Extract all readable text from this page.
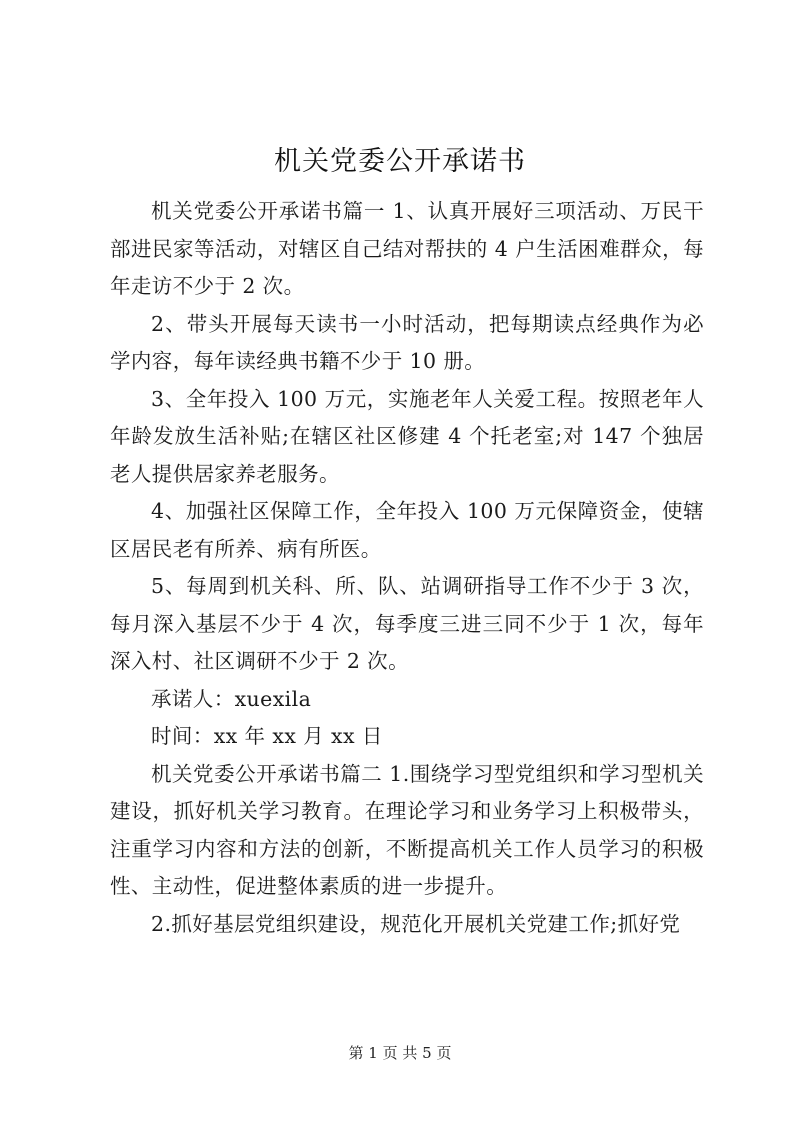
机关党委公开承诺书

机关党委公开承诺书篇一 1、认真开展好三项活动、万民干部进民家等活动，对辖区自己结对帮扶的 4 户生活困难群众，每年走访不少于 2 次。

2、带头开展每天读书一小时活动，把每期读点经典作为必学内容，每年读经典书籍不少于 10 册。

3、全年投入 100 万元，实施老年人关爱工程。按照老年人年龄发放生活补贴;在辖区社区修建 4 个托老室;对 147 个独居老人提供居家养老服务。

4、加强社区保障工作，全年投入 100 万元保障资金，使辖区居民老有所养、病有所医。

5、每周到机关科、所、队、站调研指导工作不少于 3 次，每月深入基层不少于 4 次，每季度三进三同不少于 1 次，每年深入村、社区调研不少于 2 次。

承诺人：xuexila

时间：xx 年 xx 月 xx 日

机关党委公开承诺书篇二 1.围绕学习型党组织和学习型机关建设，抓好机关学习教育。在理论学习和业务学习上积极带头，注重学习内容和方法的创新，不断提高机关工作人员学习的积极性、主动性，促进整体素质的进一步提升。

2.抓好基层党组织建设，规范化开展机关党建工作;抓好党

第 1 页 共 5 页
